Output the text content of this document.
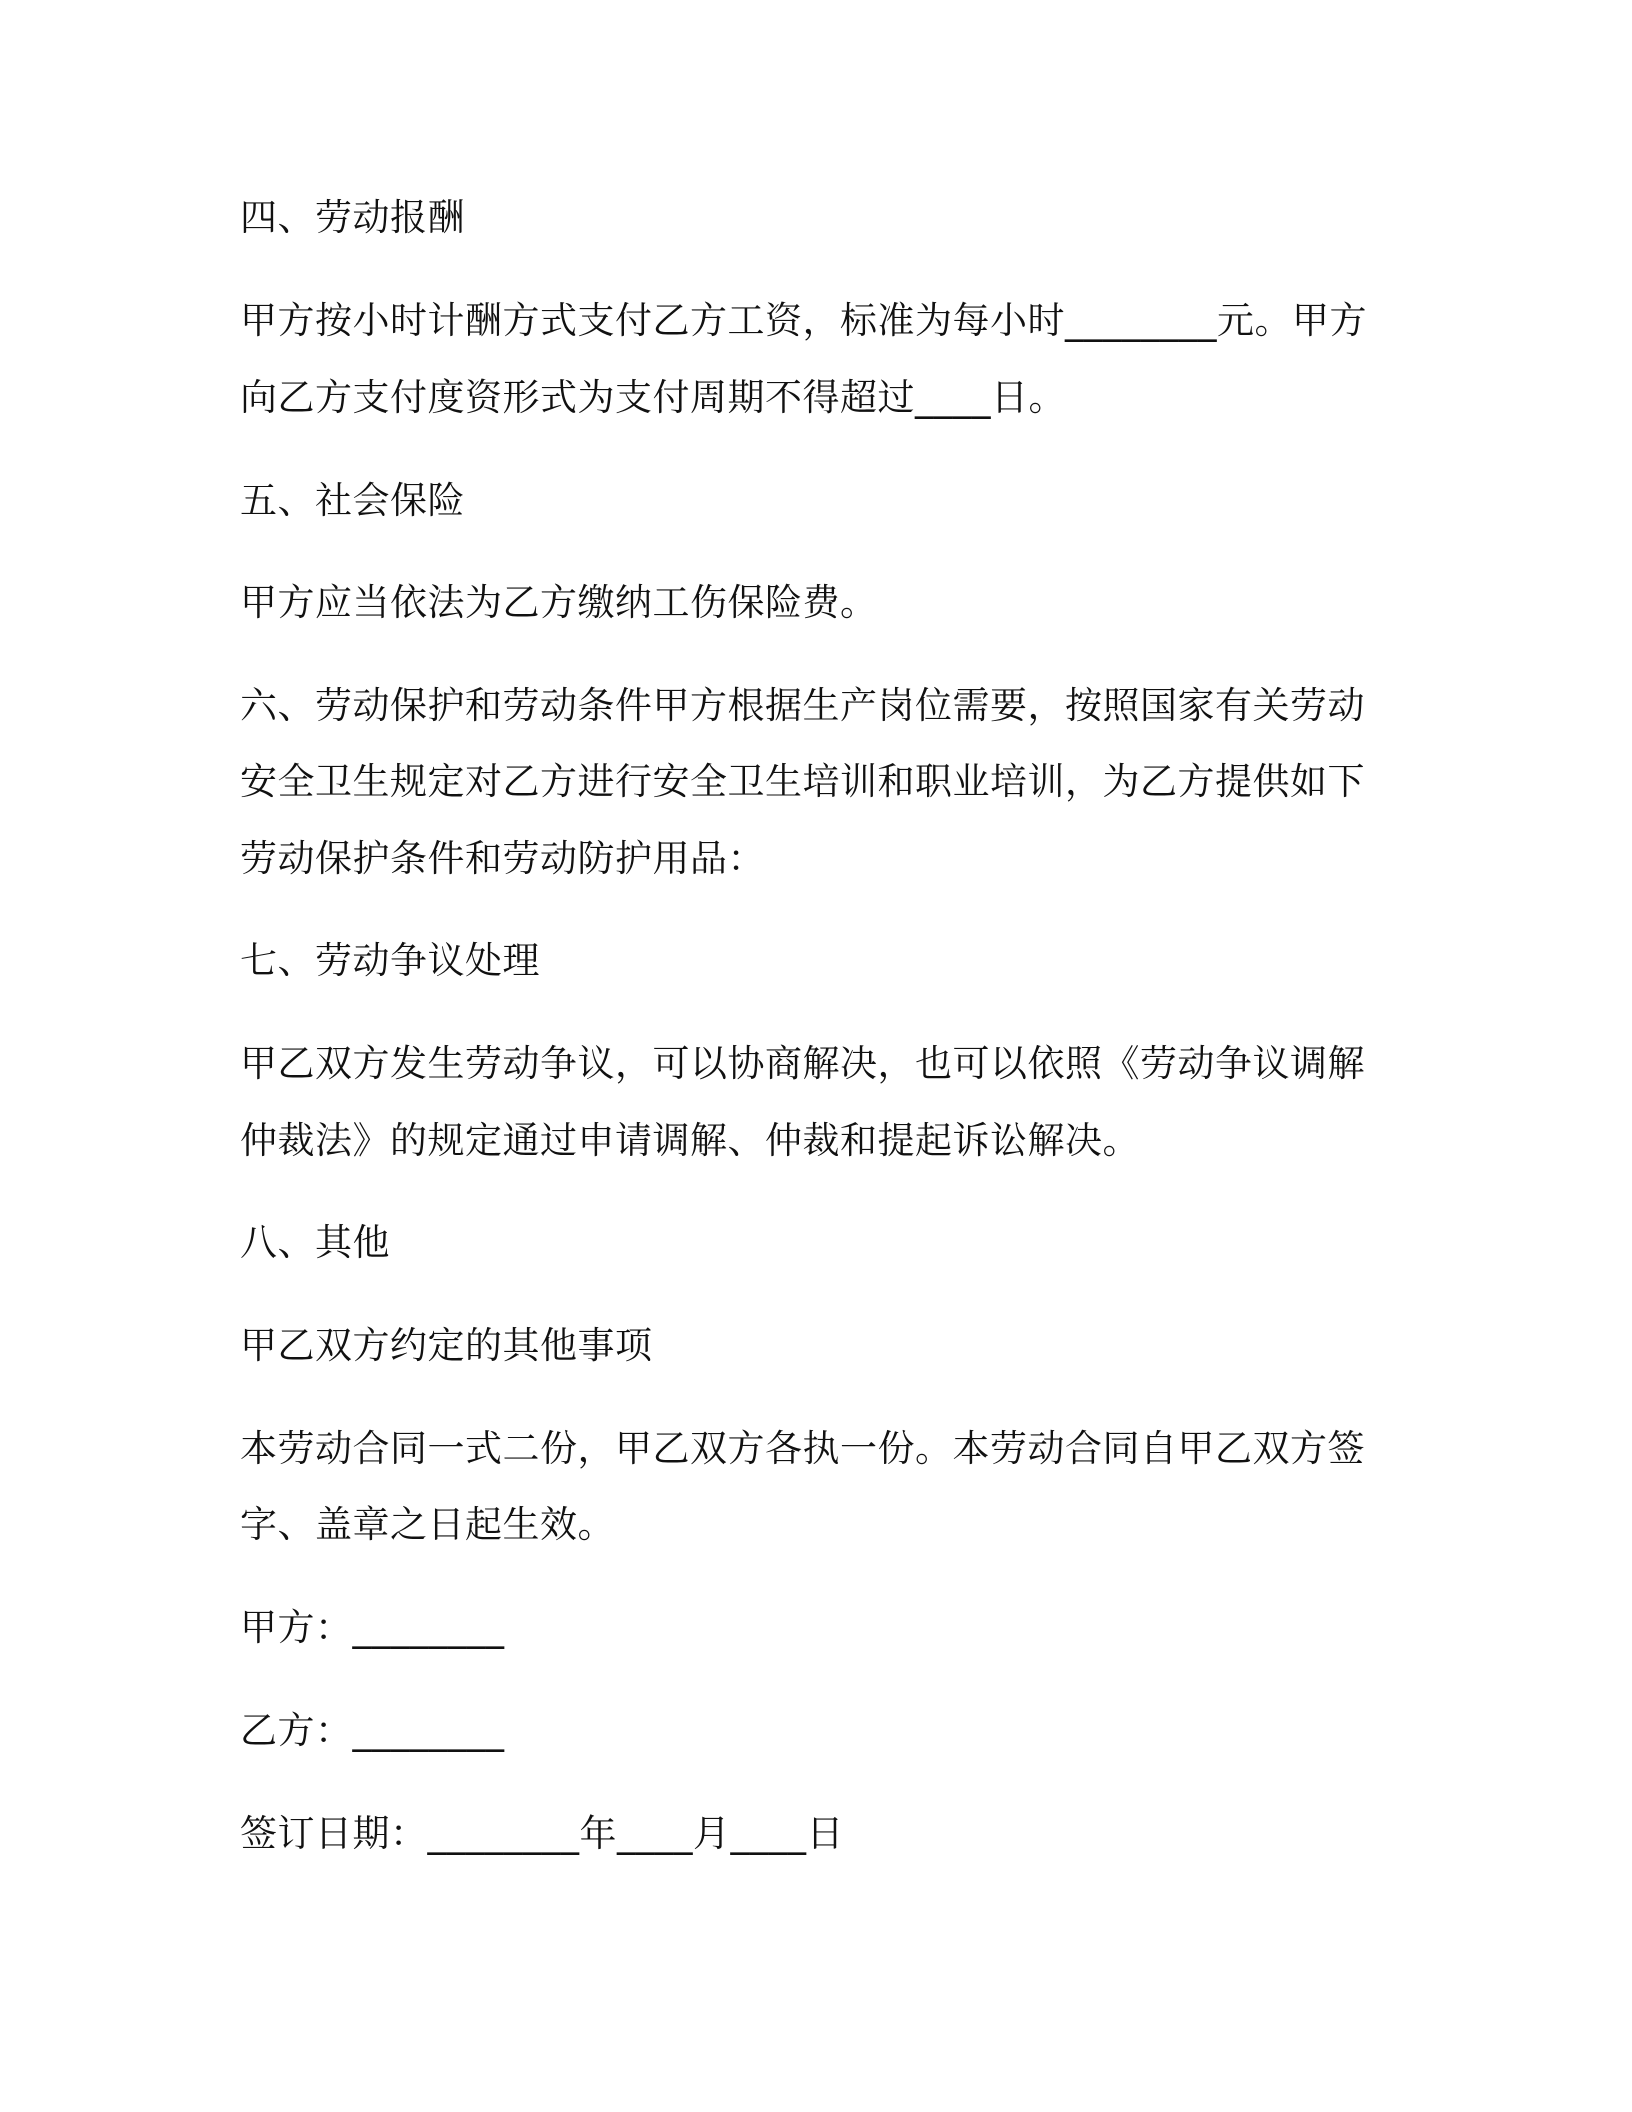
四、劳动报酬
甲方按小时计酬方式支付乙方工资，标准为每小时________元。甲方
向乙方支付度资形式为支付周期不得超过____日。
五、社会保险
甲方应当依法为乙方缴纳工伤保险费。
六、劳动保护和劳动条件甲方根据生产岗位需要，按照国家有关劳动
安全卫生规定对乙方进行安全卫生培训和职业培训，为乙方提供如下
劳动保护条件和劳动防护用品：
七、劳动争议处理
甲乙双方发生劳动争议，可以协商解决，也可以依照《劳动争议调解
仲裁法》的规定通过申请调解、仲裁和提起诉讼解决。
八、其他
甲乙双方约定的其他事项
本劳动合同一式二份，甲乙双方各执一份。本劳动合同自甲乙双方签
字、盖章之日起生效。
甲方：________
乙方：________
签订日期：________年____月____日
